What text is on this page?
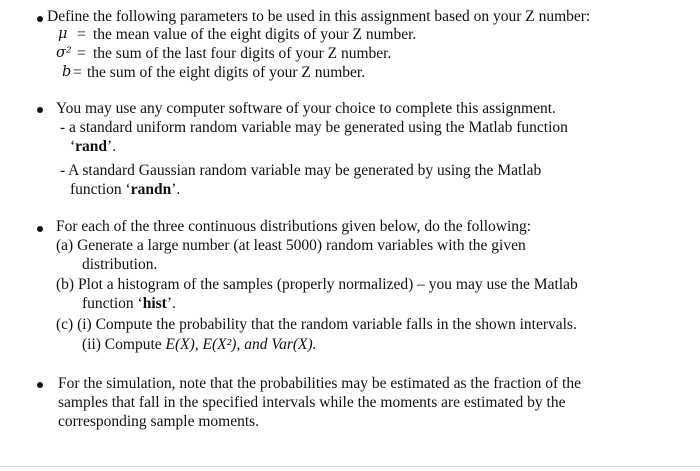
Define the following parameters to be used in this assignment based on your Z number:
μ = the mean value of the eight digits of your Z number.
σ² = the sum of the last four digits of your Z number.
b = the sum of the eight digits of your Z number.
You may use any computer software of your choice to complete this assignment.
- a standard uniform random variable may be generated using the Matlab function
‘rand’.
- A standard Gaussian random variable may be generated by using the Matlab
function ‘randn’.
For each of the three continuous distributions given below, do the following:
(a) Generate a large number (at least 5000) random variables with the given
distribution.
(b) Plot a histogram of the samples (properly normalized) – you may use the Matlab
function ‘hist’.
(c) (i) Compute the probability that the random variable falls in the shown intervals.
(ii) Compute E(X), E(X²), and Var(X).
For the simulation, note that the probabilities may be estimated as the fraction of the
samples that fall in the specified intervals while the moments are estimated by the
corresponding sample moments.
